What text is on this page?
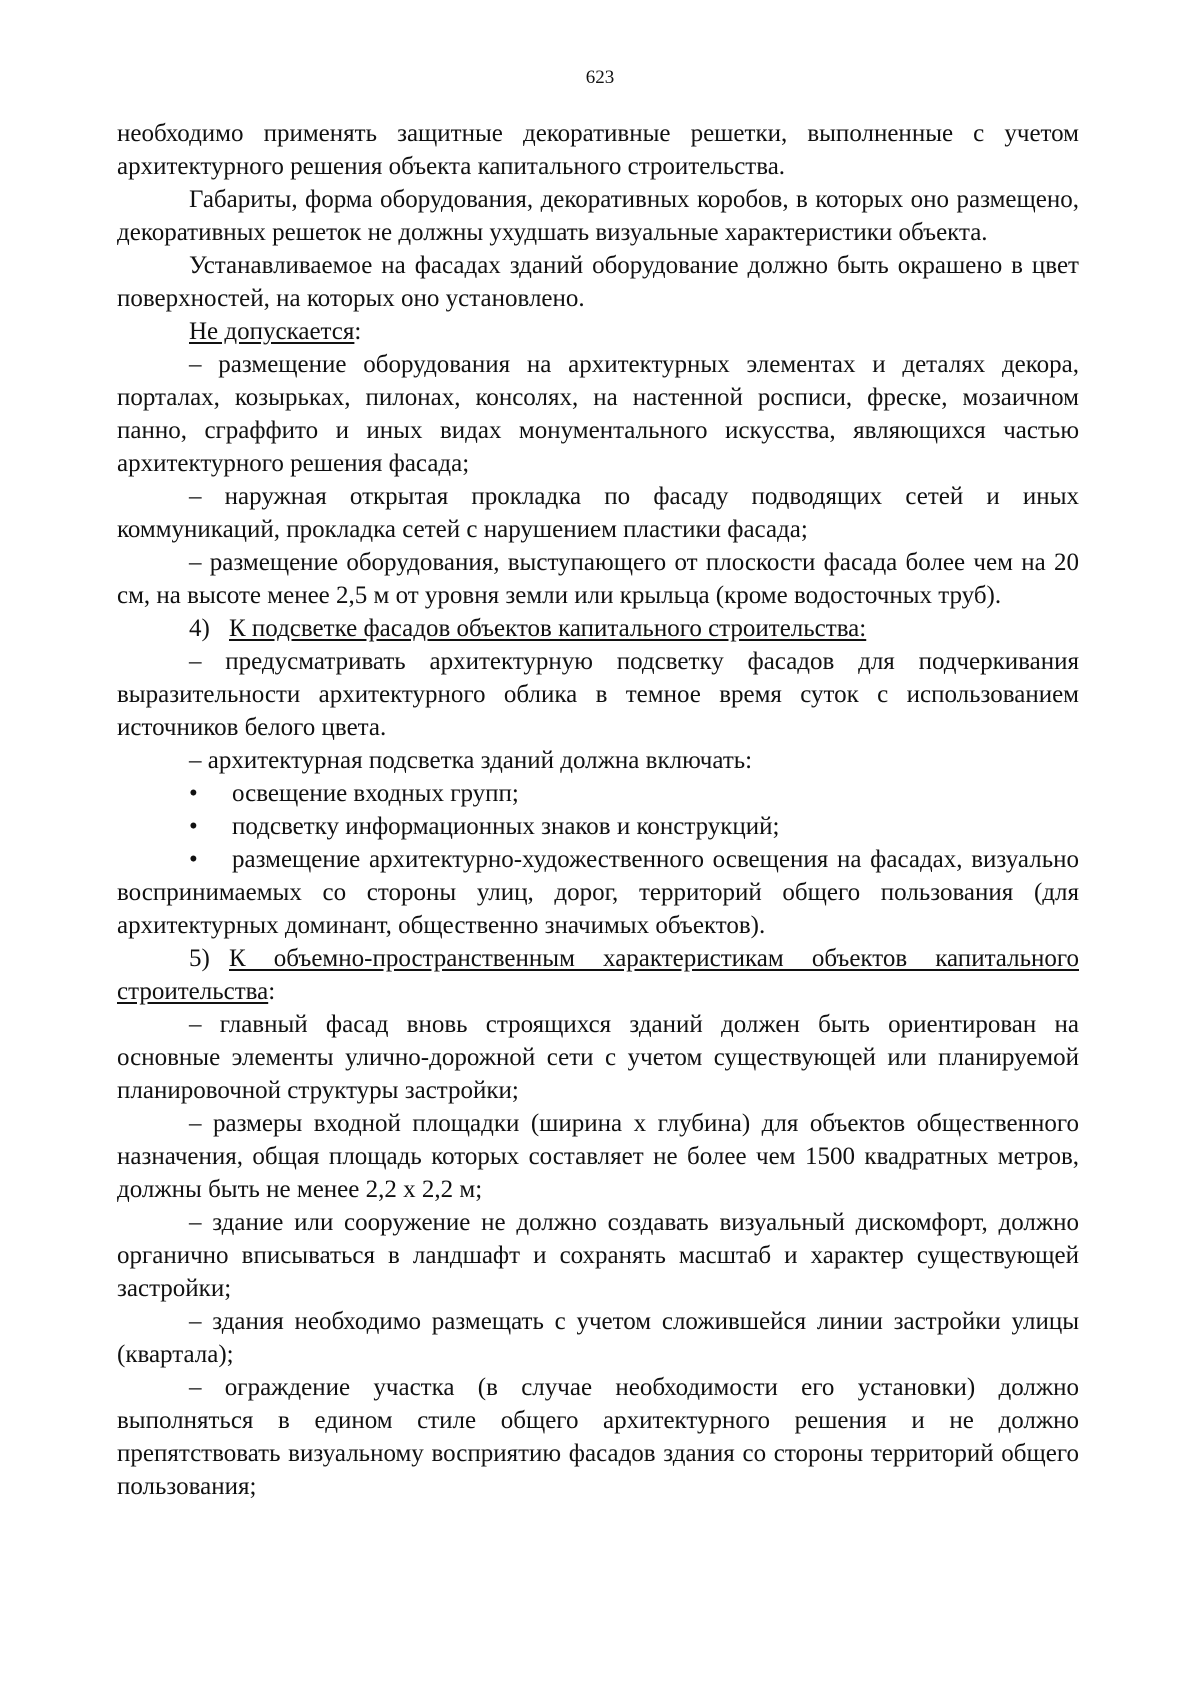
623

необходимо применять защитные декоративные решетки, выполненные с учетом архитектурного решения объекта капитального строительства.

Габариты, форма оборудования, декоративных коробов, в которых оно размещено, декоративных решеток не должны ухудшать визуальные характеристики объекта.

Устанавливаемое на фасадах зданий оборудование должно быть окрашено в цвет поверхностей, на которых оно установлено.

Не допускается:

– размещение оборудования на архитектурных элементах и деталях декора, порталах, козырьках, пилонах, консолях, на настенной росписи, фреске, мозаичном панно, сграффито и иных видах монументального искусства, являющихся частью архитектурного решения фасада;

– наружная открытая прокладка по фасаду подводящих сетей и иных коммуникаций, прокладка сетей с нарушением пластики фасада;

– размещение оборудования, выступающего от плоскости фасада более чем на 20 см, на высоте менее 2,5 м от уровня земли или крыльца (кроме водосточных труб).

4) К подсветке фасадов объектов капитального строительства:

– предусматривать архитектурную подсветку фасадов для подчеркивания выразительности архитектурного облика в темное время суток с использованием источников белого цвета.

– архитектурная подсветка зданий должна включать:

• освещение входных групп;

• подсветку информационных знаков и конструкций;

• размещение архитектурно-художественного освещения на фасадах, визуально воспринимаемых со стороны улиц, дорог, территорий общего пользования (для архитектурных доминант, общественно значимых объектов).

5) К объемно-пространственным характеристикам объектов капитального строительства:

– главный фасад вновь строящихся зданий должен быть ориентирован на основные элементы улично-дорожной сети с учетом существующей или планируемой планировочной структуры застройки;

– размеры входной площадки (ширина х глубина) для объектов общественного назначения, общая площадь которых составляет не более чем 1500 квадратных метров, должны быть не менее 2,2 х 2,2 м;

– здание или сооружение не должно создавать визуальный дискомфорт, должно органично вписываться в ландшафт и сохранять масштаб и характер существующей застройки;

– здания необходимо размещать с учетом сложившейся линии застройки улицы (квартала);

– ограждение участка (в случае необходимости его установки) должно выполняться в едином стиле общего архитектурного решения и не должно препятствовать визуальному восприятию фасадов здания со стороны территорий общего пользования;
